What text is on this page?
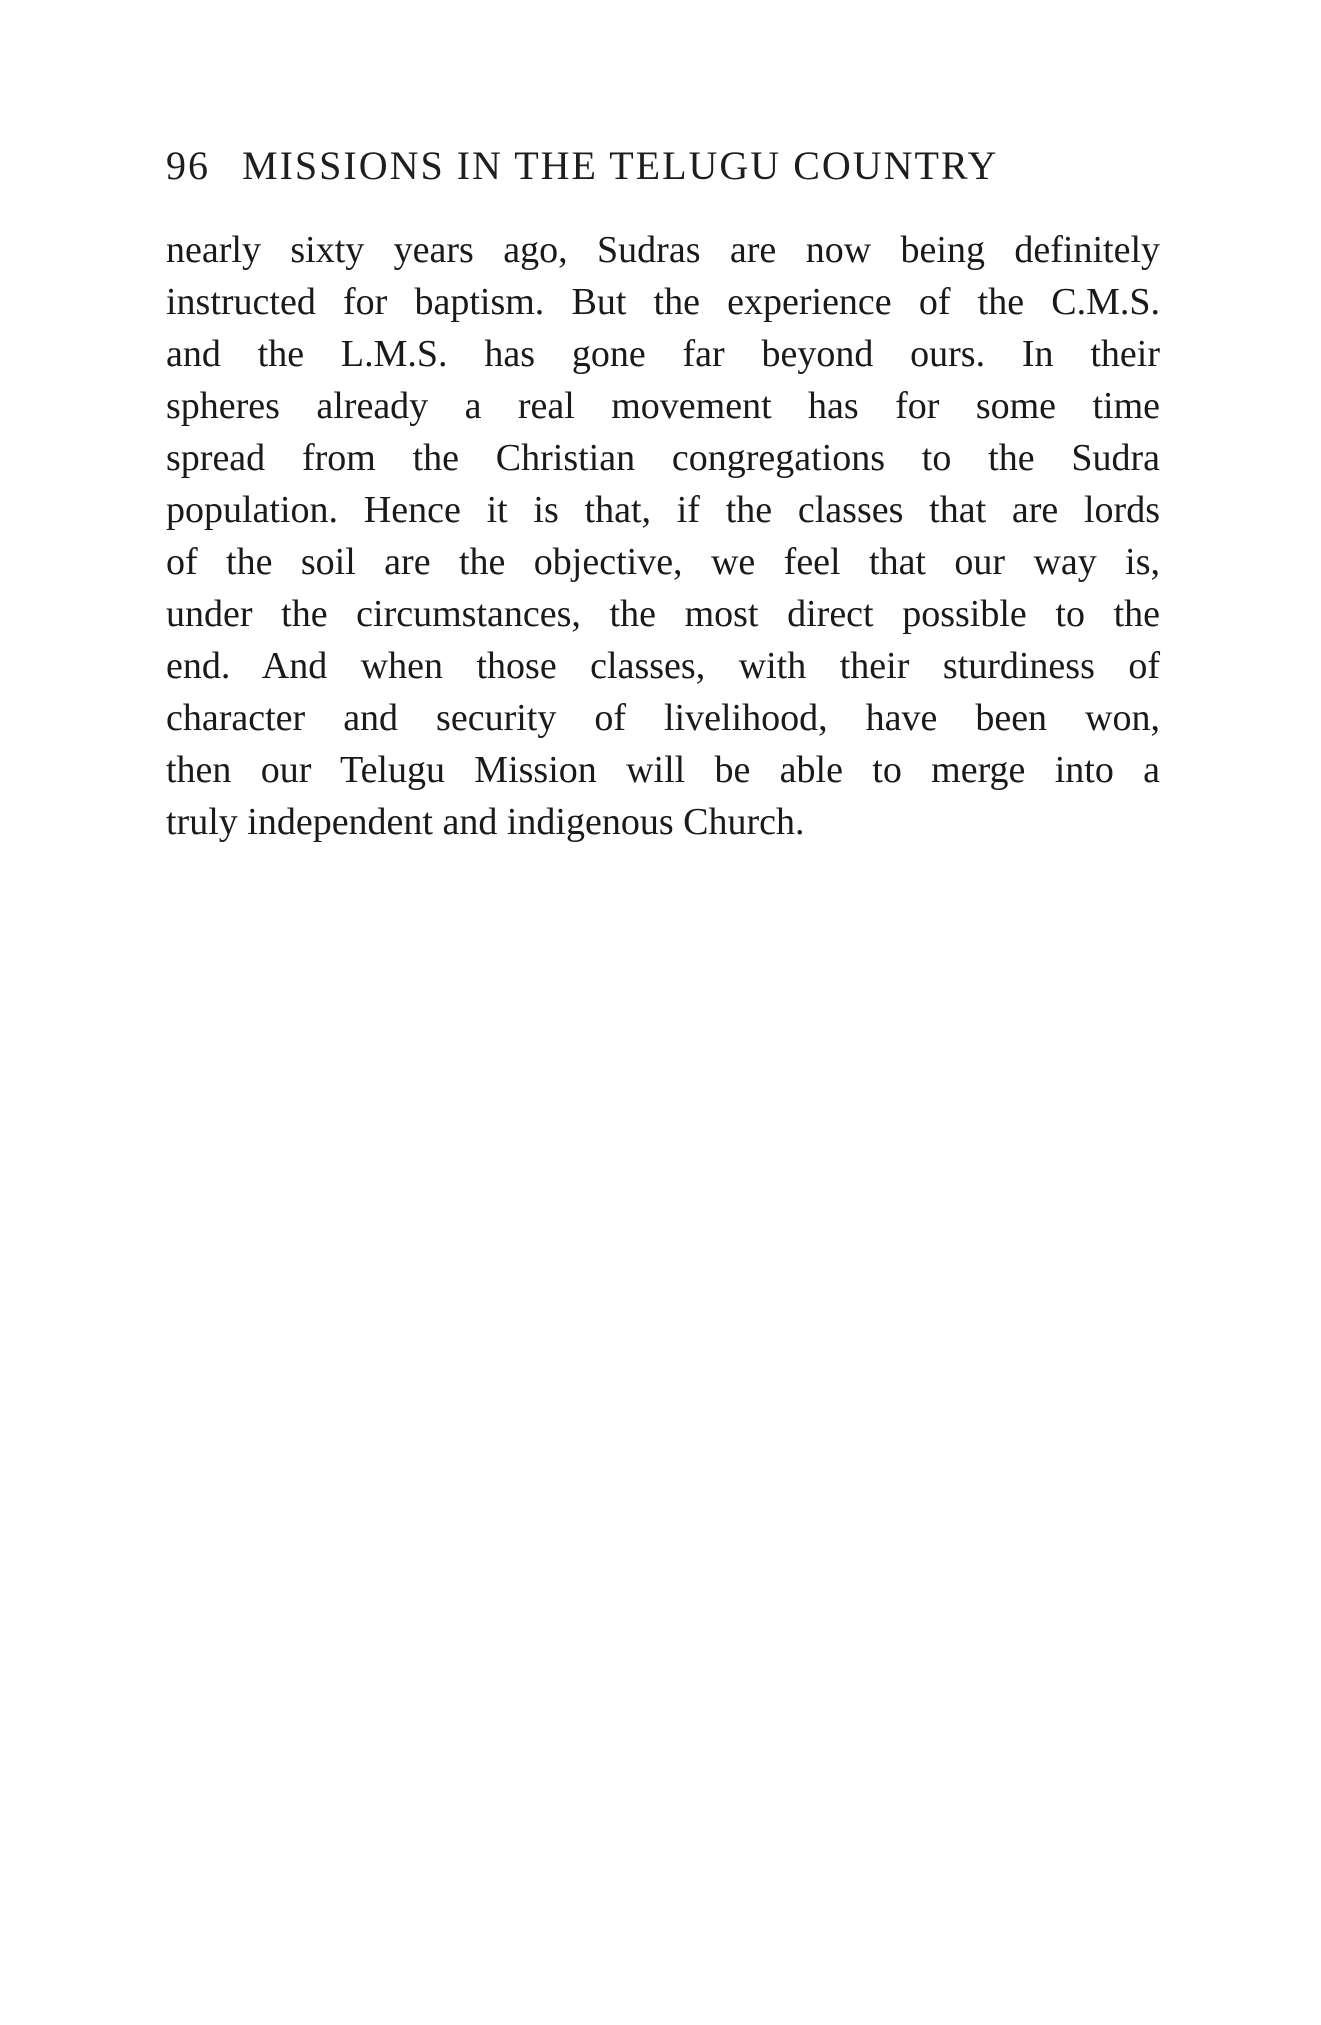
96 MISSIONS IN THE TELUGU COUNTRY
nearly sixty years ago, Sudras are now being definitely
instructed for baptism. But the experience of the C.M.S.
and the L.M.S. has gone far beyond ours. In their
spheres already a real movement has for some time
spread from the Christian congregations to the Sudra
population. Hence it is that, if the classes that are lords
of the soil are the objective, we feel that our way is,
under the circumstances, the most direct possible to the
end. And when those classes, with their sturdiness of
character and security of livelihood, have been won,
then our Telugu Mission will be able to merge into a
truly independent and indigenous Church.
